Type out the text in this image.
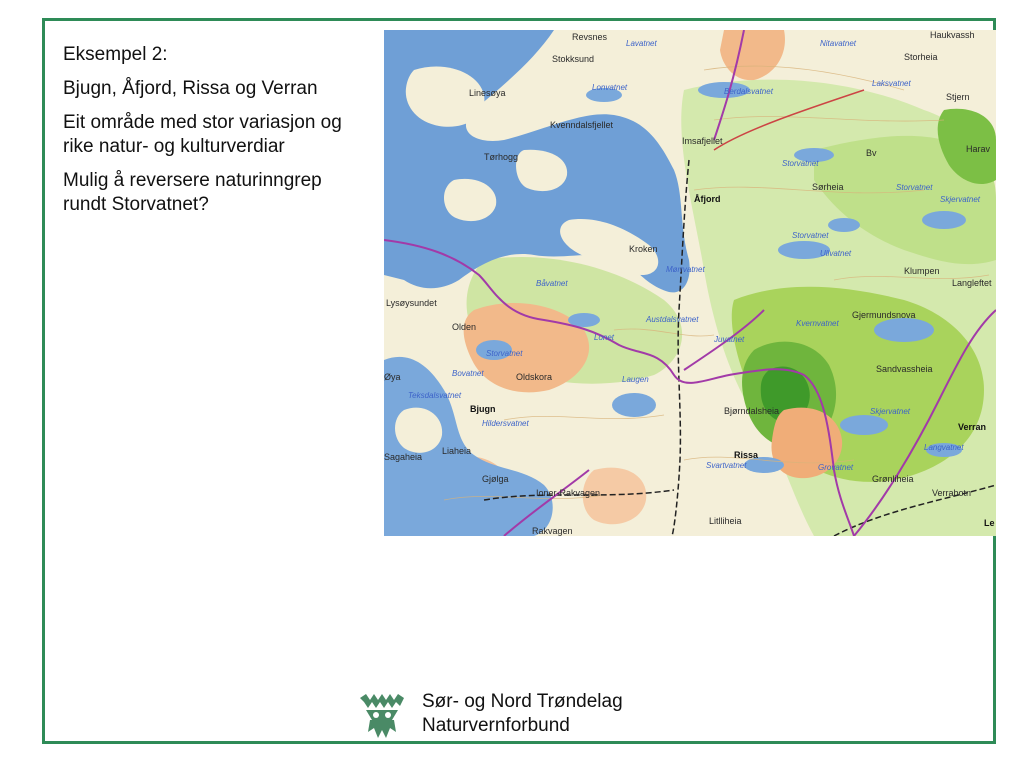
Eksempel 2:

Bjugn, Åfjord, Rissa og Verran

Eit område med stor variasjon og rike natur- og kulturverdiar

Mulig å reversere naturinngrep rundt Storvatnet?

Revsnes
Stokksund
Linesøya
Kvenndalsfjellet
Imsafjellet
Tørhogg
Åfjord
Sørheia
Kroken
Klumpen
Langleftet
Gjermundsnova
Lysøysundet
Olden
Oldskora
Sandvassheia
Bjugn	Bjørndalsheia
Verran
Liaheia	Rissa
Grønliheia
Gjølga
Ioner-Rakvagen
Rakvagen
Litlliheia
Verrabotn
Storheia
Stjern
Haukvassh
Harav
Bv
Le
Sagaheia
Øya
Lavatnet	Nitavatnet
Lonvatnet	Berdalsvatnet
Laksvatnet
Storvatnet
Storvatnet
Skjervatnet
Storvatnet
Ullvatnet
Mørrvatnet
Båvatnet
Austdalsvatnet
Lonet	Juvatnet
Kvernvatnet
Storvatnet
Bovatnet
Laugen
Teksdalsvatnet
Skjervatnet
Hildersvatnet
Svartvatnet	Grovatnet
Langvatnet
Sør- og Nord Trøndelag
Naturvernforbund
